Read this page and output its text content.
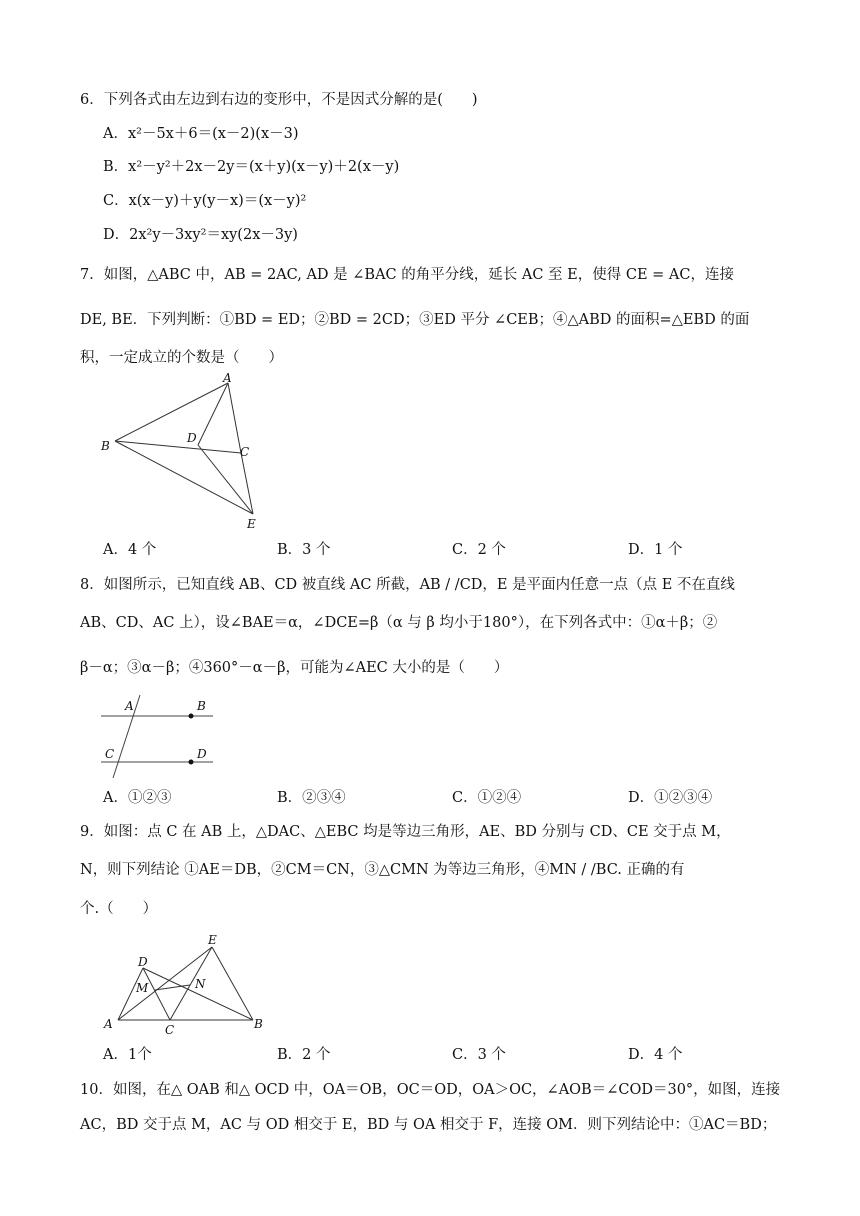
6．下列各式由左边到右边的变形中，不是因式分解的是(　　)
A．x²－5x＋6＝(x－2)(x－3)
B．x²－y²＋2x－2y＝(x＋y)(x－y)＋2(x－y)
C．x(x－y)＋y(y－x)＝(x－y)²
D．2x²y－3xy²＝xy(2x－3y)
7．如图，△ABC 中，AB = 2AC, AD 是 ∠BAC 的角平分线，延长 AC 至 E，使得 CE = AC，连接
DE, BE．下列判断：①BD = ED；②BD = 2CD；③ED 平分 ∠CEB；④△ABD 的面积=△EBD 的面
积，一定成立的个数是（　　）
A
B	C
D
E
A．4 个	B．3 个	C．2 个	D．1 个
8．如图所示，已知直线 AB、CD 被直线 AC 所截，AB / /CD，E 是平面内任意一点（点 E 不在直线
AB、CD、AC 上），设∠BAE＝α，∠DCE=β（α 与 β 均小于180°），在下列各式中：①α＋β；②
β－α；③α－β；④360°－α－β，可能为∠AEC 大小的是（　　）
A	B
C	D
A．①②③	B．②③④	C．①②④	D．①②③④
9．如图：点 C 在 AB 上，△DAC、△EBC 均是等边三角形，AE、BD 分别与 CD、CE 交于点 M，
N，则下列结论 ①AE＝DB，②CM＝CN，③△CMN 为等边三角形，④MN / /BC. 正确的有
个.（　　）
A	B
C
D
E
M	N
A．1个	B．2 个	C．3 个	D．4 个
10．如图，在△ OAB 和△ OCD 中，OA＝OB，OC＝OD，OA＞OC，∠AOB＝∠COD＝30°，如图，连接
AC，BD 交于点 M，AC 与 OD 相交于 E，BD 与 OA 相交于 F，连接 OM．则下列结论中：①AC＝BD；
